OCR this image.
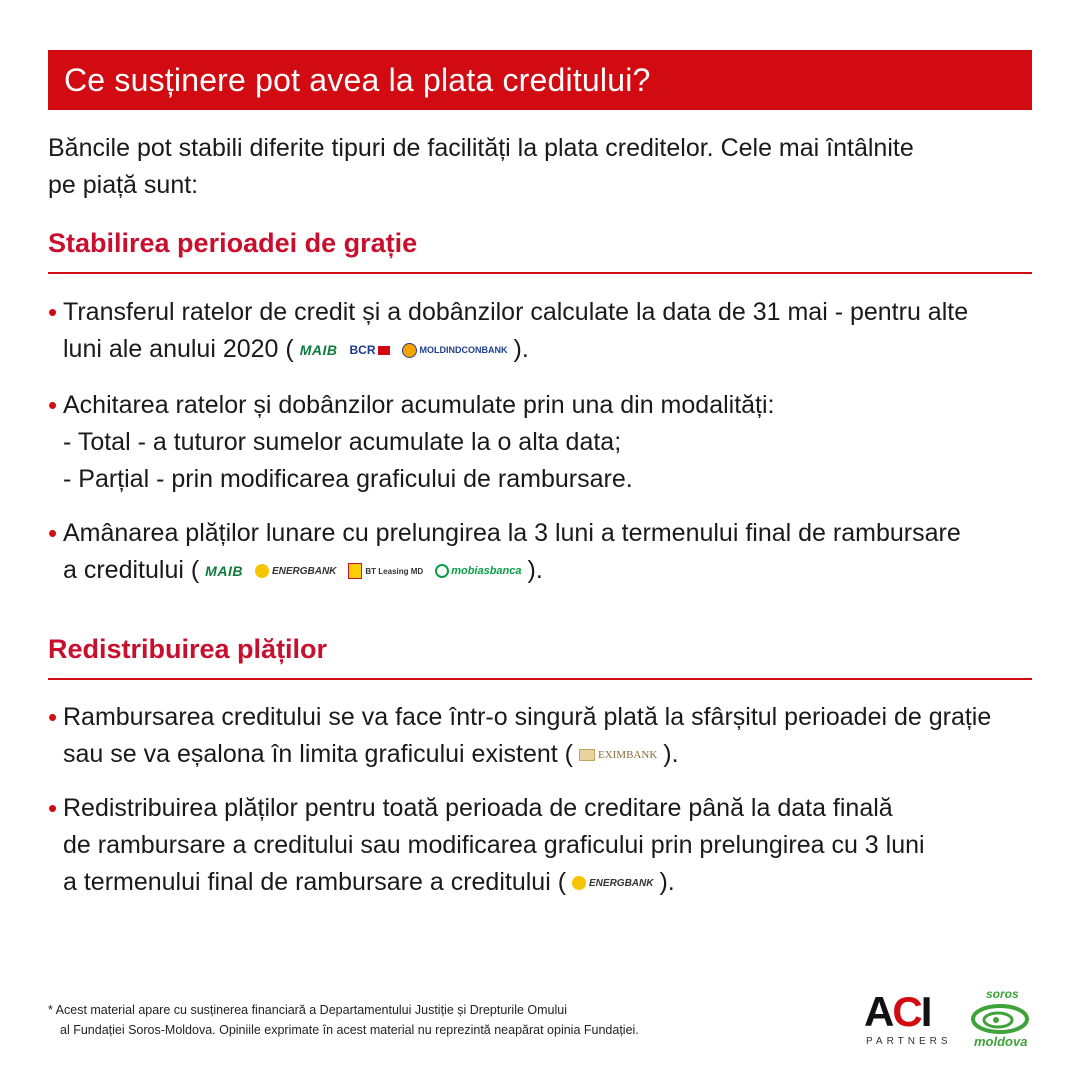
Ce susținere pot avea la plata creditului?
Băncile pot stabili diferite tipuri de facilități la plata creditelor. Cele mai întâlnite
pe piață sunt:
Stabilirea perioadei de grație
• Transferul ratelor de credit și a dobânzilor calculate la data de 31 mai - pentru alte
luni ale anului 2020 ( MAIB BCR	MOLDINDCONBANK ).
• Achitarea ratelor și dobânzilor acumulate prin una din modalități:
- Total - a tuturor sumelor acumulate la o alta data;
- Parțial - prin modificarea graficului de rambursare.
• Amânarea plăților lunare cu prelungirea la 3 luni a termenului final de rambursare
a creditului ( MAIB	ENERGBANK	BT Leasing MD	mobiasbanca ).
Redistribuirea plăților
• Rambursarea creditului se va face într-o singură plată la sfârșitul perioadei de grație
sau se va eșalona în limita graficului existent ( EXIMBANK ).
• Redistribuirea plăților pentru toată perioada de creditare până la data finală
de rambursare a creditului sau modificarea graficului prin prelungirea cu 3 luni
a termenului final de rambursare a creditului ( ENERGBANK ).
* Acest material apare cu susținerea financiară a Departamentului Justiție și Drepturile Omului
al Fundației Soros-Moldova. Opiniile exprimate în acest material nu reprezintă neapărat opinia Fundației.	ACI
PARTNERS
soros
moldova
